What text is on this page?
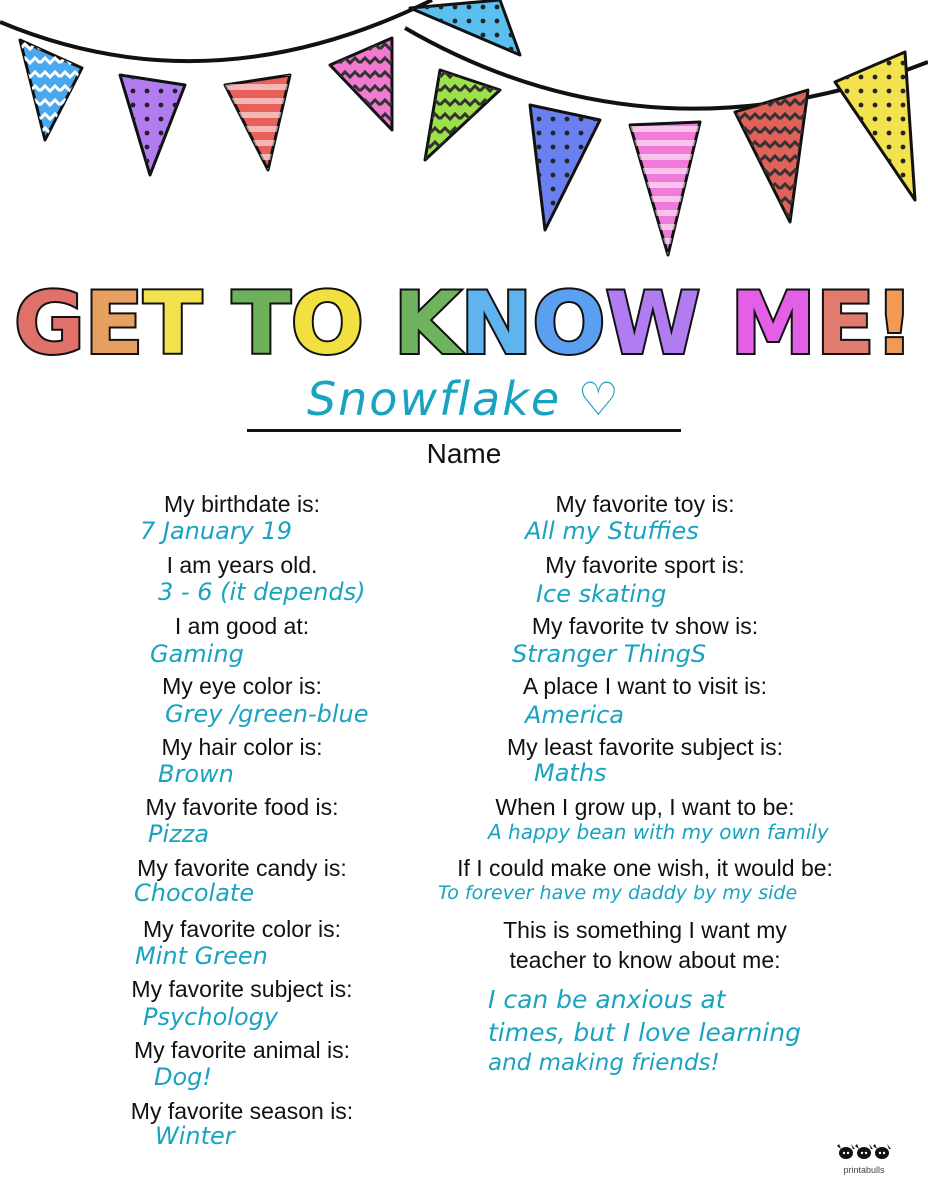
GET TO KNOW ME!
Snowflake ♡
Name
My birthdate is:
7 January 19
I am years old.
3 - 6 (it depends)
I am good at:
Gaming
My eye color is:
Grey /green-blue
My hair color is:
Brown
My favorite food is:
Pizza
My favorite candy is:
Chocolate
My favorite color is:
Mint Green
My favorite subject is:
Psychology
My favorite animal is:
Dog!
My favorite season is:
Winter
My favorite toy is:
All my Stuffies
My favorite sport is:
Ice skating
My favorite tv show is:
Stranger ThingS
A place I want to visit is:
America
My least favorite subject is:
Maths
When I grow up, I want to be:
A happy bean with my own family
If I could make one wish, it would be:
To forever have my daddy by my side
This is something I want my
teacher to know about me:
I can be anxious at
times, but I love learning
and making friends!
printabulls
